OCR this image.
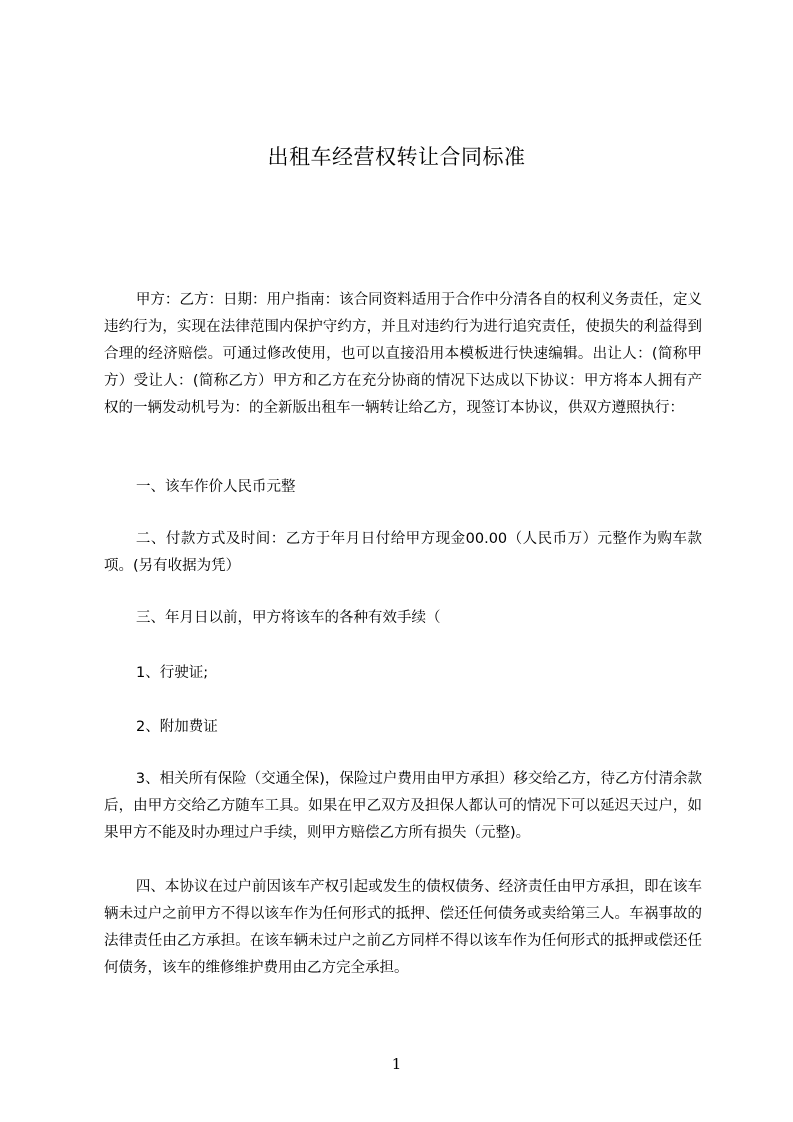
出租车经营权转让合同标准

甲方：乙方：日期：用户指南：该合同资料适用于合作中分清各自的权利义务责任，定义违约行为，实现在法律范围内保护守约方，并且对违约行为进行追究责任，使损失的利益得到合理的经济赔偿。可通过修改使用，也可以直接沿用本模板进行快速编辑。出让人：(简称甲方）受让人：(简称乙方）甲方和乙方在充分协商的情况下达成以下协议：甲方将本人拥有产权的一辆发动机号为：的全新版出租车一辆转让给乙方，现签订本协议，供双方遵照执行：

一、该车作价人民币元整

二、付款方式及时间：乙方于年月日付给甲方现金00.00（人民币万）元整作为购车款项。(另有收据为凭）

三、年月日以前，甲方将该车的各种有效手续（
1、行驶证;
2、附加费证

3、相关所有保险（交通全保)，保险过户费用由甲方承担）移交给乙方，待乙方付清余款后，由甲方交给乙方随车工具。如果在甲乙双方及担保人都认可的情况下可以延迟天过户，如果甲方不能及时办理过户手续，则甲方赔偿乙方所有损失（元整)。

四、本协议在过户前因该车产权引起或发生的债权债务、经济责任由甲方承担，即在该车辆未过户之前甲方不得以该车作为任何形式的抵押、偿还任何债务或卖给第三人。车祸事故的法律责任由乙方承担。在该车辆未过户之前乙方同样不得以该车作为任何形式的抵押或偿还任何债务，该车的维修维护费用由乙方完全承担。

1
